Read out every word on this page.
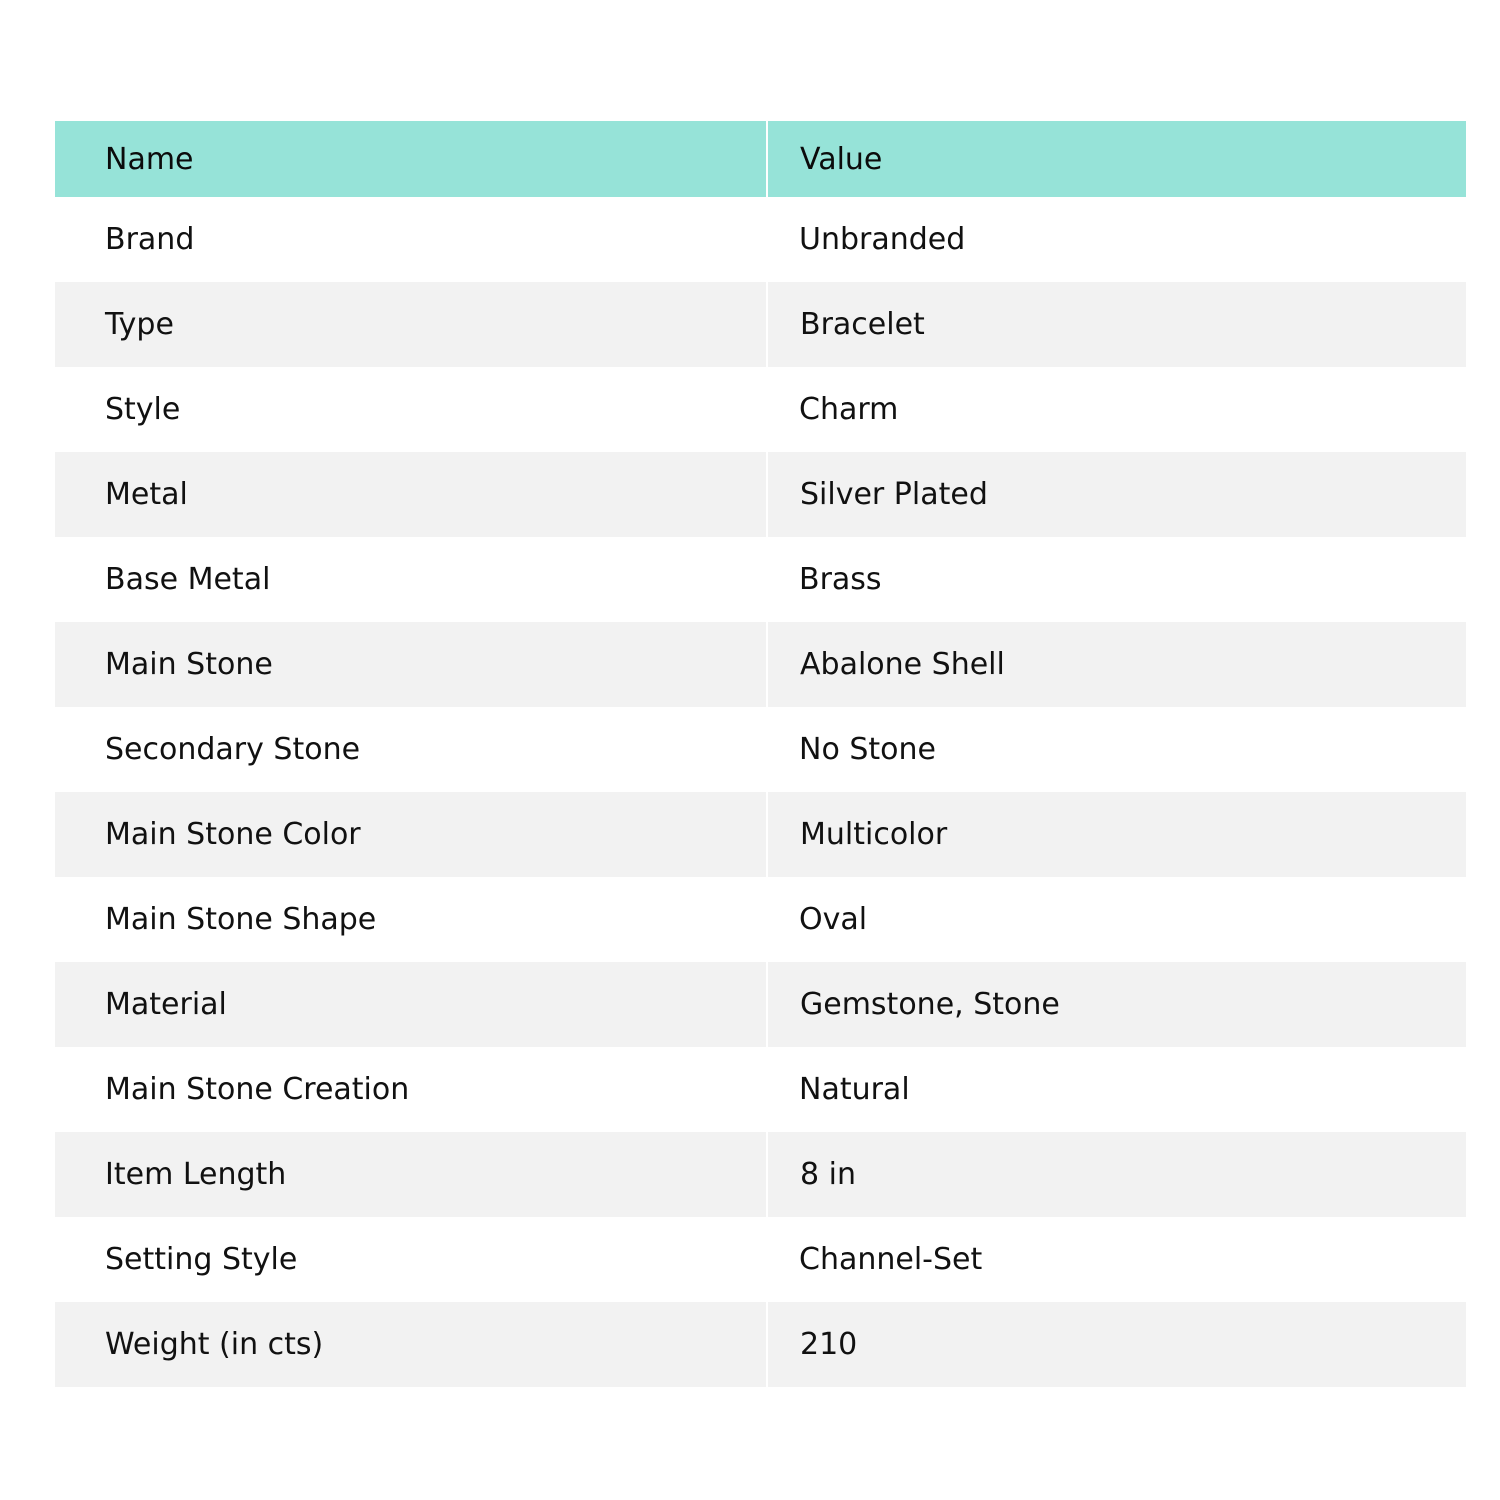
Name	Value
Brand	Unbranded
Type	Bracelet
Style	Charm
Metal	Silver Plated
Base Metal	Brass
Main Stone	Abalone Shell
Secondary Stone	No Stone
Main Stone Color	Multicolor
Main Stone Shape	Oval
Material	Gemstone, Stone
Main Stone Creation	Natural
Item Length	8 in
Setting Style	Channel-Set
Weight (in cts)	210
